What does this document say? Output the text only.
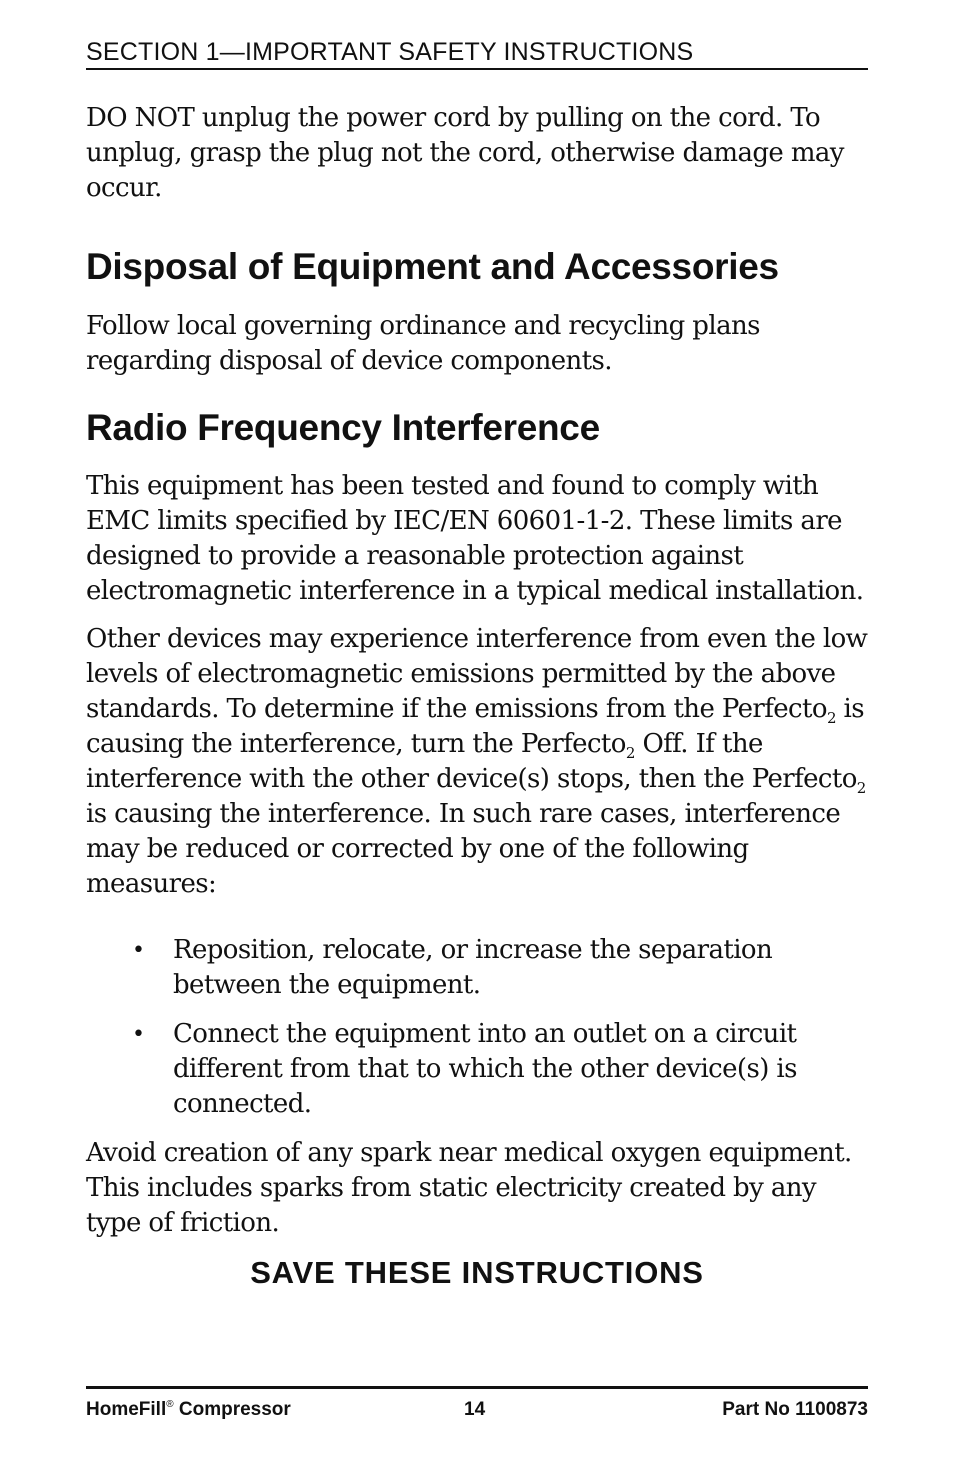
SECTION 1—IMPORTANT SAFETY INSTRUCTIONS

DO NOT unplug the power cord by pulling on the cord. To unplug, grasp the plug not the cord, otherwise damage may occur.

Disposal of Equipment and Accessories

Follow local governing ordinance and recycling plans regarding disposal of device components.

Radio Frequency Interference

This equipment has been tested and found to comply with EMC limits specified by IEC/EN 60601-1-2. These limits are designed to provide a reasonable protection against electromagnetic interference in a typical medical installation.

Other devices may experience interference from even the low levels of electromagnetic emissions permitted by the above standards. To determine if the emissions from the Perfecto$_2$ is causing the interference, turn the Perfecto$_2$ Off. If the interference with the other device(s) stops, then the Perfecto$_2$ is causing the interference. In such rare cases, interference may be reduced or corrected by one of the following measures:

• Reposition, relocate, or increase the separation between the equipment.

• Connect the equipment into an outlet on a circuit different from that to which the other device(s) is connected.

Avoid creation of any spark near medical oxygen equipment. This includes sparks from static electricity created by any type of friction.

SAVE THESE INSTRUCTIONS
HomeFill® Compressor	14	Part No 1100873
